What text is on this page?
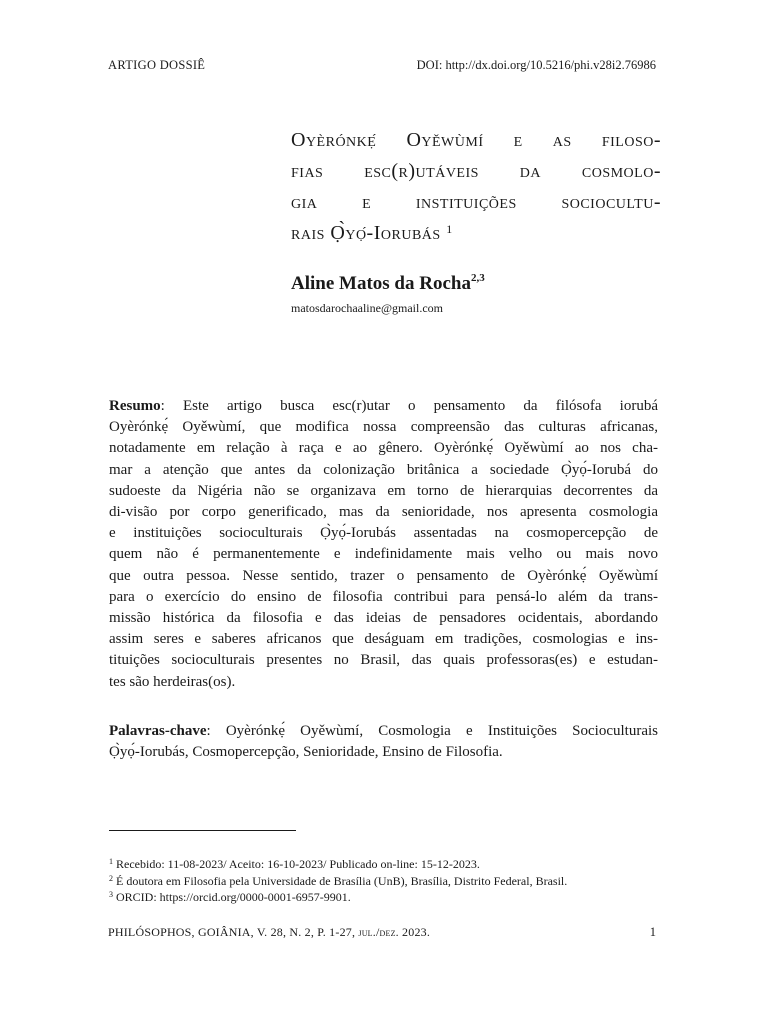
ARTIGO DOSSIÊ	DOI: http://dx.doi.org/10.5216/phi.v28i2.76986
Oyèrónkẹ́ Oyěwùmí e as filoso-
fias esc(r)utáveis da cosmolo-
gia e instituições sociocultu-
rais Ọ̀yọ́-Iorubás $^1$
Aline Matos da Rocha$^{2,3}$
matosdarochaaline@gmail.com
Resumo: Este artigo busca esc(r)utar o pensamento da filósofa iorubá
Oyèrónkẹ́ Oyěwùmí, que modifica nossa compreensão das culturas africanas,
notadamente em relação à raça e ao gênero. Oyèrónkẹ́ Oyěwùmí ao nos cha-
mar a atenção que antes da colonização britânica a sociedade Ọ̀yọ́-Iorubá do
sudoeste da Nigéria não se organizava em torno de hierarquias decorrentes da
di-visão por corpo generificado, mas da senioridade, nos apresenta cosmologia
e instituições socioculturais Ọ̀yọ́-Iorubás assentadas na cosmopercepção de
quem não é permanentemente e indefinidamente mais velho ou mais novo
que outra pessoa. Nesse sentido, trazer o pensamento de Oyèrónkẹ́ Oyěwùmí
para o exercício do ensino de filosofia contribui para pensá-lo além da trans-
missão histórica da filosofia e das ideias de pensadores ocidentais, abordando
assim seres e saberes africanos que deságuam em tradições, cosmologias e ins-
tituições socioculturais presentes no Brasil, das quais professoras(es) e estudan-
tes são herdeiras(os).
Palavras-chave: Oyèrónkẹ́ Oyěwùmí, Cosmologia e Instituições Socioculturais
Ọ̀yọ́-Iorubás, Cosmopercepção, Senioridade, Ensino de Filosofia.
$^1$ Recebido: 11-08-2023/ Aceito: 16-10-2023/ Publicado on-line: 15-12-2023.
$^2$ É doutora em Filosofia pela Universidade de Brasília (UnB), Brasília, Distrito Federal, Brasil.
$^3$ ORCID: https://orcid.org/0000-0001-6957-9901.
PHILÓSOPHOS, GOIÂNIA, V. 28, N. 2, P. 1-27, jul./dez. 2023.	1
